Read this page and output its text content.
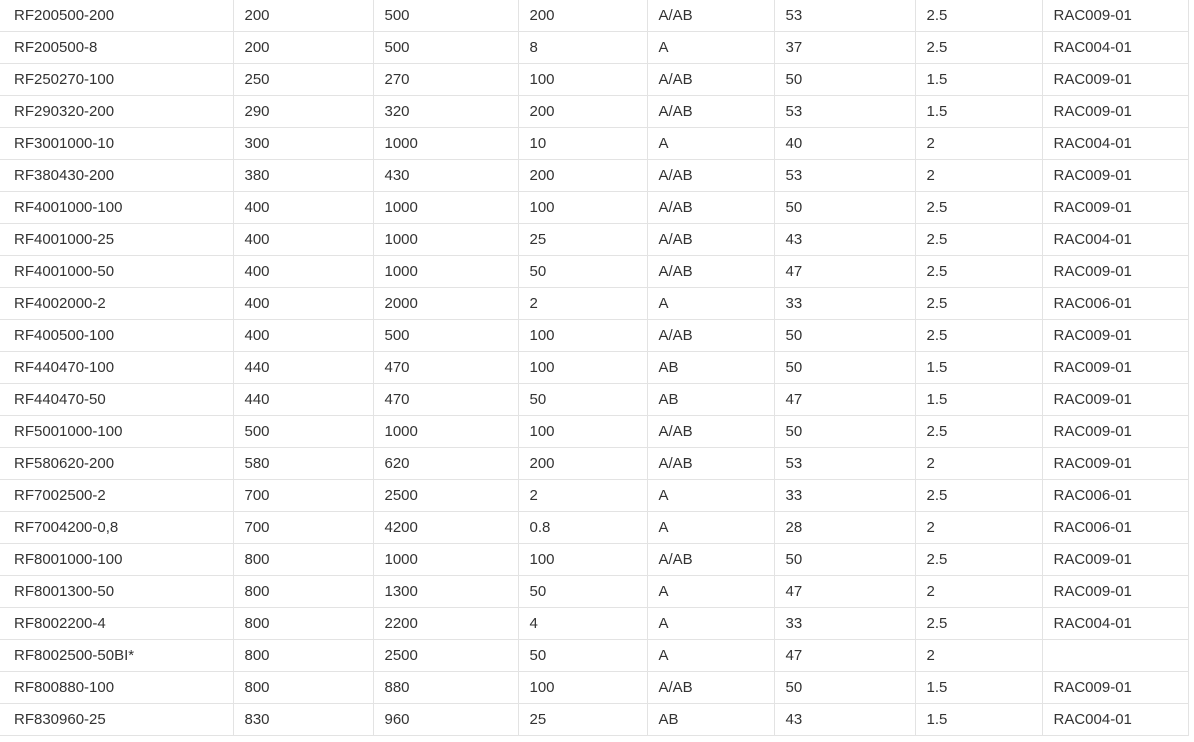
RF200500-200	200	500	200	A/AB	53	2.5	RAC009-01
RF200500-8	200	500	8	A	37	2.5	RAC004-01
RF250270-100	250	270	100	A/AB	50	1.5	RAC009-01
RF290320-200	290	320	200	A/AB	53	1.5	RAC009-01
RF3001000-10	300	1000	10	A	40	2	RAC004-01
RF380430-200	380	430	200	A/AB	53	2	RAC009-01
RF4001000-100	400	1000	100	A/AB	50	2.5	RAC009-01
RF4001000-25	400	1000	25	A/AB	43	2.5	RAC004-01
RF4001000-50	400	1000	50	A/AB	47	2.5	RAC009-01
RF4002000-2	400	2000	2	A	33	2.5	RAC006-01
RF400500-100	400	500	100	A/AB	50	2.5	RAC009-01
RF440470-100	440	470	100	AB	50	1.5	RAC009-01
RF440470-50	440	470	50	AB	47	1.5	RAC009-01
RF5001000-100	500	1000	100	A/AB	50	2.5	RAC009-01
RF580620-200	580	620	200	A/AB	53	2	RAC009-01
RF7002500-2	700	2500	2	A	33	2.5	RAC006-01
RF7004200-0,8	700	4200	0.8	A	28	2	RAC006-01
RF8001000-100	800	1000	100	A/AB	50	2.5	RAC009-01
RF8001300-50	800	1300	50	A	47	2	RAC009-01
RF8002200-4	800	2200	4	A	33	2.5	RAC004-01
RF8002500-50BI*	800	2500	50	A	47	2	
RF800880-100	800	880	100	A/AB	50	1.5	RAC009-01
RF830960-25	830	960	25	AB	43	1.5	RAC004-01
